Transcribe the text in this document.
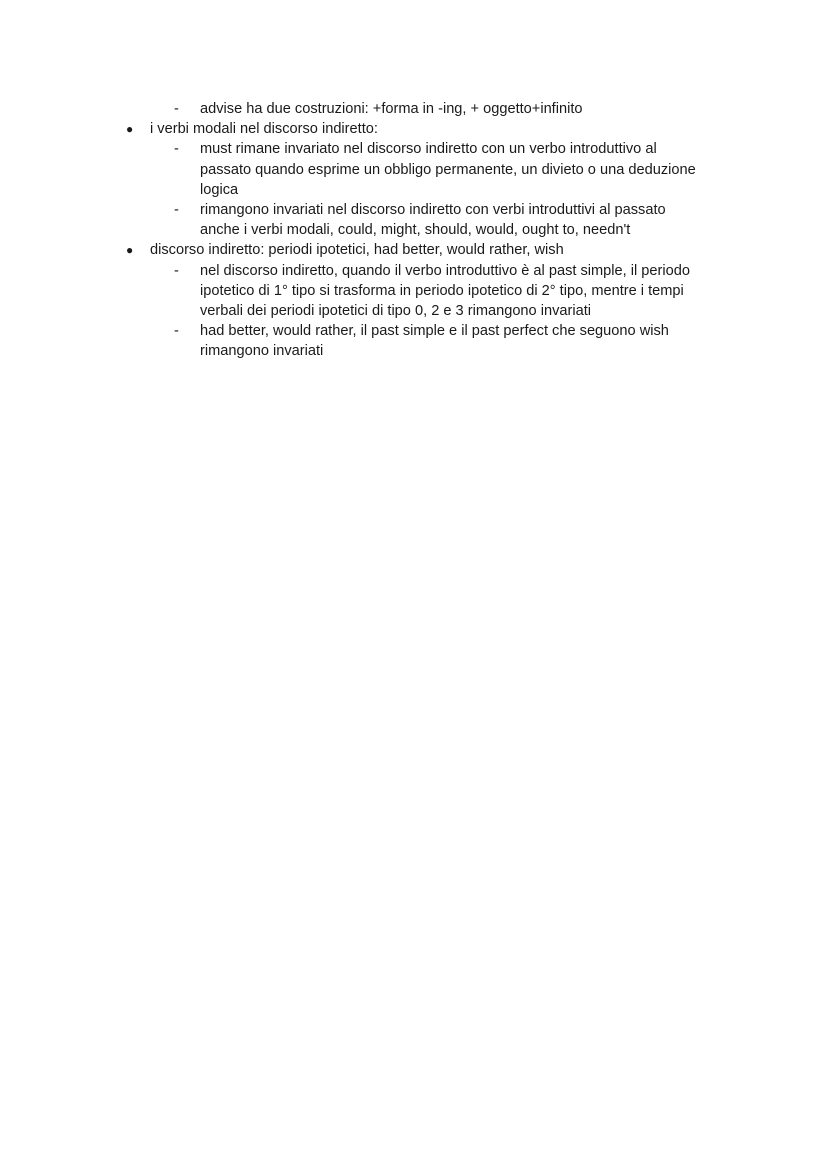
- advise ha due costruzioni: +forma in -ing, + oggetto+infinito
● i verbi modali nel discorso indiretto:
- must rimane invariato nel discorso indiretto con un verbo introduttivo al
passato quando esprime un obbligo permanente, un divieto o una deduzione
logica
- rimangono invariati nel discorso indiretto con verbi introduttivi al passato
anche i verbi modali, could, might, should, would, ought to, needn't
● discorso indiretto: periodi ipotetici, had better, would rather, wish
- nel discorso indiretto, quando il verbo introduttivo è al past simple, il periodo
ipotetico di 1° tipo si trasforma in periodo ipotetico di 2° tipo, mentre i tempi
verbali dei periodi ipotetici di tipo 0, 2 e 3 rimangono invariati
- had better, would rather, il past simple e il past perfect che seguono wish
rimangono invariati
